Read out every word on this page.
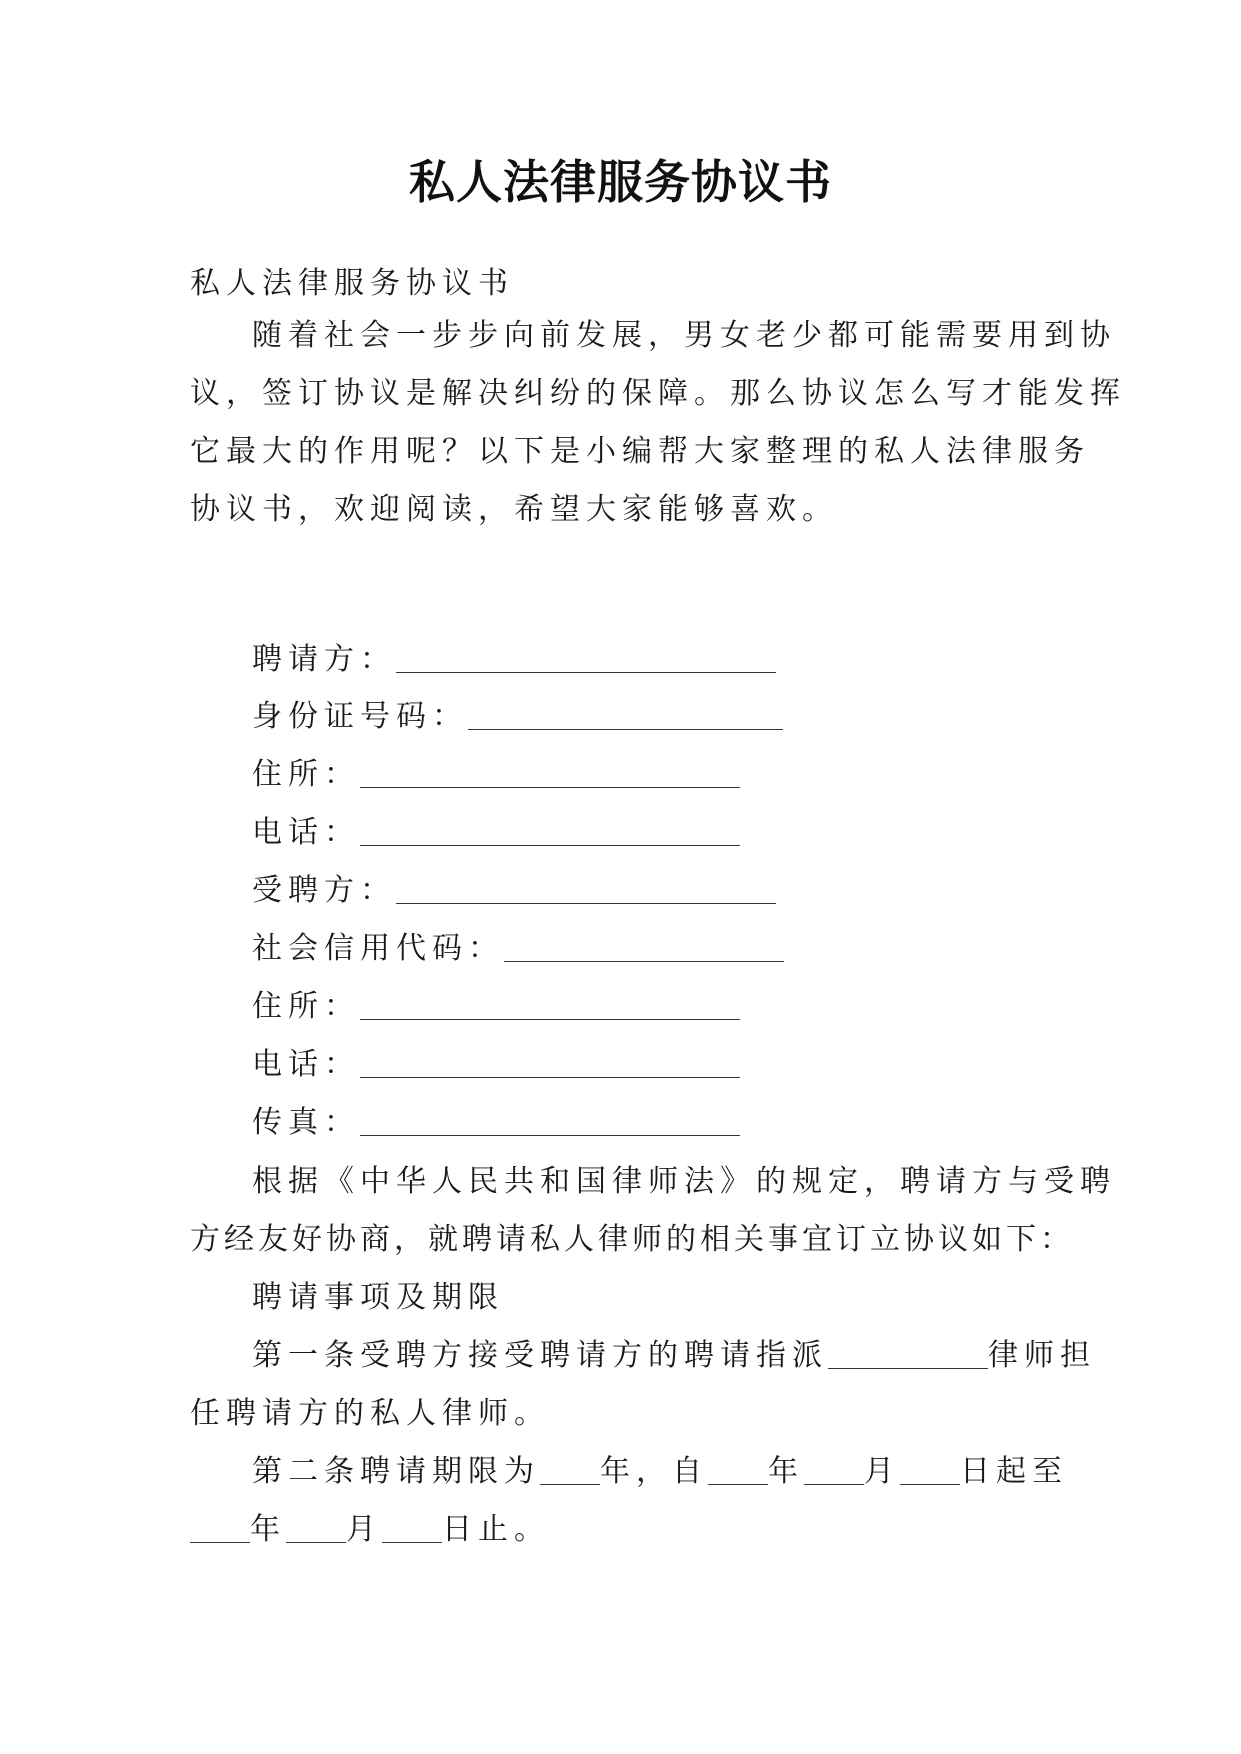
私人法律服务协议书
私人法律服务协议书
随着社会一步步向前发展，男女老少都可能需要用到协
议，签订协议是解决纠纷的保障。那么协议怎么写才能发挥
它最大的作用呢？以下是小编帮大家整理的私人法律服务
协议书，欢迎阅读，希望大家能够喜欢。
聘请方：
身份证号码：
住所：
电话：
受聘方：
社会信用代码：
住所：
电话：
传真：
根据《中华人民共和国律师法》的规定，聘请方与受聘
方经友好协商，就聘请私人律师的相关事宜订立协议如下：
聘请事项及期限
第一条受聘方接受聘请方的聘请指派	律师担
任聘请方的私人律师。
第二条聘请期限为 年，自 年 月 日起至
年 月 日止。
